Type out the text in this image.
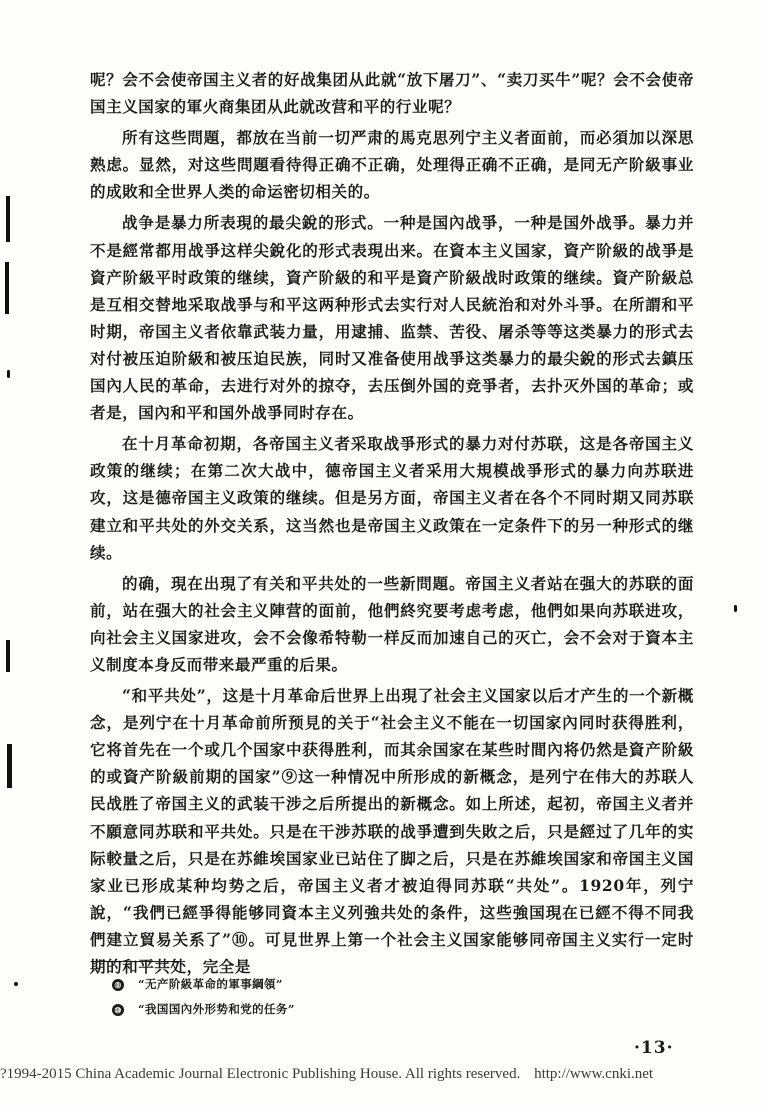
呢？会不会使帝国主义者的好战集团从此就“放下屠刀”、“卖刀买牛”呢？会不会使帝国主义国家的軍火商集团从此就改营和平的行业呢？

所有这些問題，都放在当前一切严肃的馬克思列宁主义者面前，而必須加以深思熟虑。显然，对这些問題看待得正确不正确，处理得正确不正确，是同无产阶級事业的成敗和全世界人类的命运密切相关的。

战争是暴力所表現的最尖銳的形式。一种是国內战爭，一种是国外战爭。暴力并不是經常都用战爭这样尖銳化的形式表現出来。在資本主义国家，資产阶級的战爭是資产阶級平时政策的继续，資产阶級的和平是資产阶級战时政策的继续。資产阶級总是互相交替地采取战爭与和平这两种形式去实行对人民統治和对外斗爭。在所謂和平时期，帝国主义者依靠武装力量，用逮捕、监禁、苦役、屠杀等等这类暴力的形式去对付被压迫阶級和被压迫民族，同时又准备使用战爭这类暴力的最尖銳的形式去鎮压国內人民的革命，去进行对外的掠夺，去压倒外国的竞爭者，去扑灭外国的革命；或者是，国內和平和国外战爭同时存在。

在十月革命初期，各帝国主义者采取战爭形式的暴力对付苏联，这是各帝国主义政策的继续；在第二次大战中，德帝国主义者采用大規模战爭形式的暴力向苏联进攻，这是德帝国主义政策的继续。但是另方面，帝国主义者在各个不同时期又同苏联建立和平共处的外交关系，这当然也是帝国主义政策在一定条件下的另一种形式的继续。

的确，現在出現了有关和平共处的一些新問題。帝国主义者站在强大的苏联的面前，站在强大的社会主义陣营的面前，他們終究要考虑考虑，他們如果向苏联进攻，向社会主义国家进攻，会不会像希特勒一样反而加速自己的灭亡，会不会对于資本主义制度本身反而带来最严重的后果。

“和平共处”，这是十月革命后世界上出現了社会主义国家以后才产生的一个新概念，是列宁在十月革命前所预見的关于“社会主义不能在一切国家內同时获得胜利，它将首先在一个或几个国家中获得胜利，而其余国家在某些时間內将仍然是資产阶級的或資产阶級前期的国家”⑨这一种情况中所形成的新概念，是列宁在伟大的苏联人民战胜了帝国主义的武装干涉之后所提出的新概念。如上所述，起初，帝国主义者并不願意同苏联和平共处。只是在干涉苏联的战爭遭到失敗之后，只是經过了几年的实际較量之后，只是在苏維埃国家业已站住了脚之后，只是在苏維埃国家和帝国主义国家业已形成某种均势之后，帝国主义者才被迫得同苏联“共处”。1920年，列宁說，“我們已經爭得能够同資本主义列強共处的条件，这些強国現在已經不得不同我們建立貿易关系了”⑩。可見世界上第一个社会主义国家能够同帝国主义实行一定时期的和平共处，完全是

⑨ “无产阶級革命的軍事綱領”
⑩ “我国国內外形势和党的任务”
·13·
?1994-2015 China Academic Journal Electronic Publishing House. All rights reserved. http://www.cnki.net
